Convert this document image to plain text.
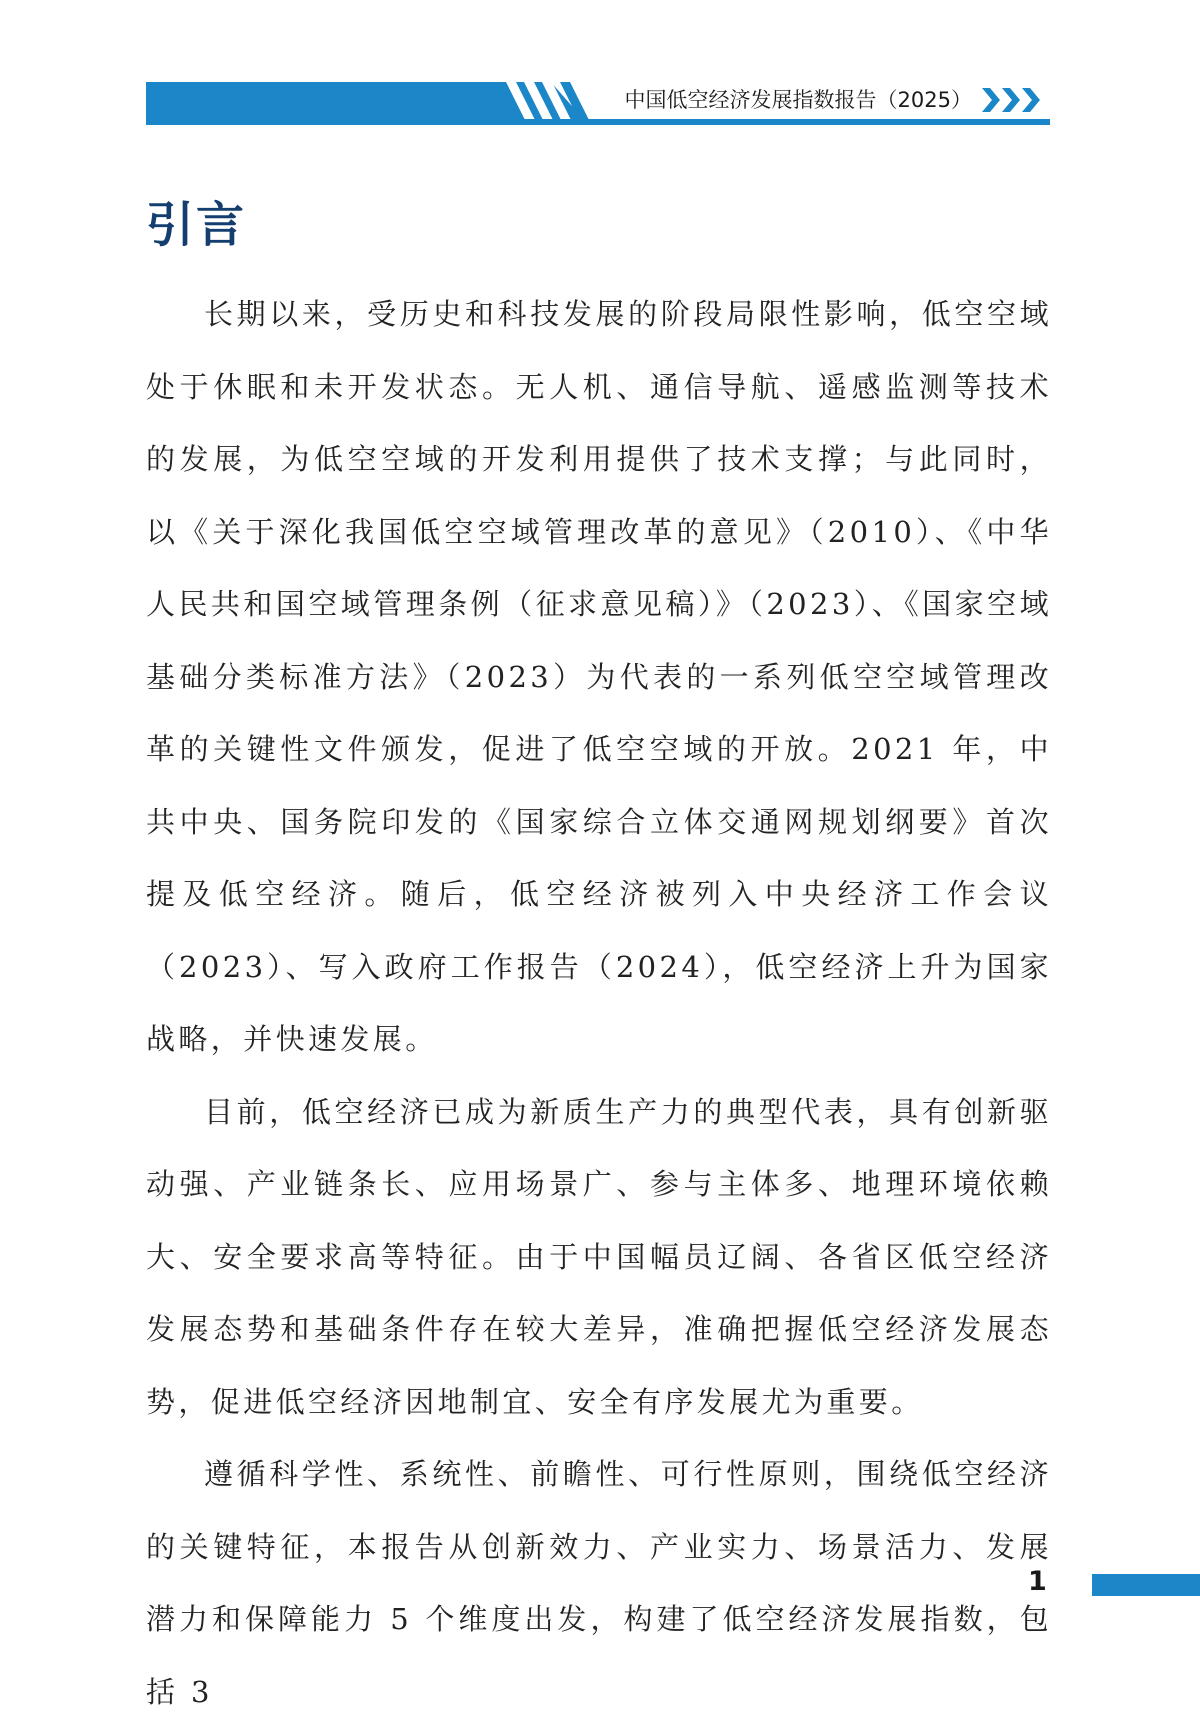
中国低空经济发展指数报告（2025）
引言

长期以来，受历史和科技发展的阶段局限性影响，低空空域处于休眠和未开发状态。无人机、通信导航、遥感监测等技术的发展，为低空空域的开发利用提供了技术支撑；与此同时，以《关于深化我国低空空域管理改革的意见》（2010）、《中华人民共和国空域管理条例（征求意见稿）》（2023）、《国家空域基础分类标准方法》（2023）为代表的一系列低空空域管理改革的关键性文件颁发，促进了低空空域的开放。2021 年，中共中央、国务院印发的《国家综合立体交通网规划纲要》首次提及低空经济。随后，低空经济被列入中央经济工作会议（2023）、写入政府工作报告（2024），低空经济上升为国家战略，并快速发展。

目前，低空经济已成为新质生产力的典型代表，具有创新驱动强、产业链条长、应用场景广、参与主体多、地理环境依赖大、安全要求高等特征。由于中国幅员辽阔、各省区低空经济发展态势和基础条件存在较大差异，准确把握低空经济发展态势，促进低空经济因地制宜、安全有序发展尤为重要。

遵循科学性、系统性、前瞻性、可行性原则，围绕低空经济的关键特征，本报告从创新效力、产业实力、场景活力、发展潜力和保障能力 5 个维度出发，构建了低空经济发展指数，包括 3

1
